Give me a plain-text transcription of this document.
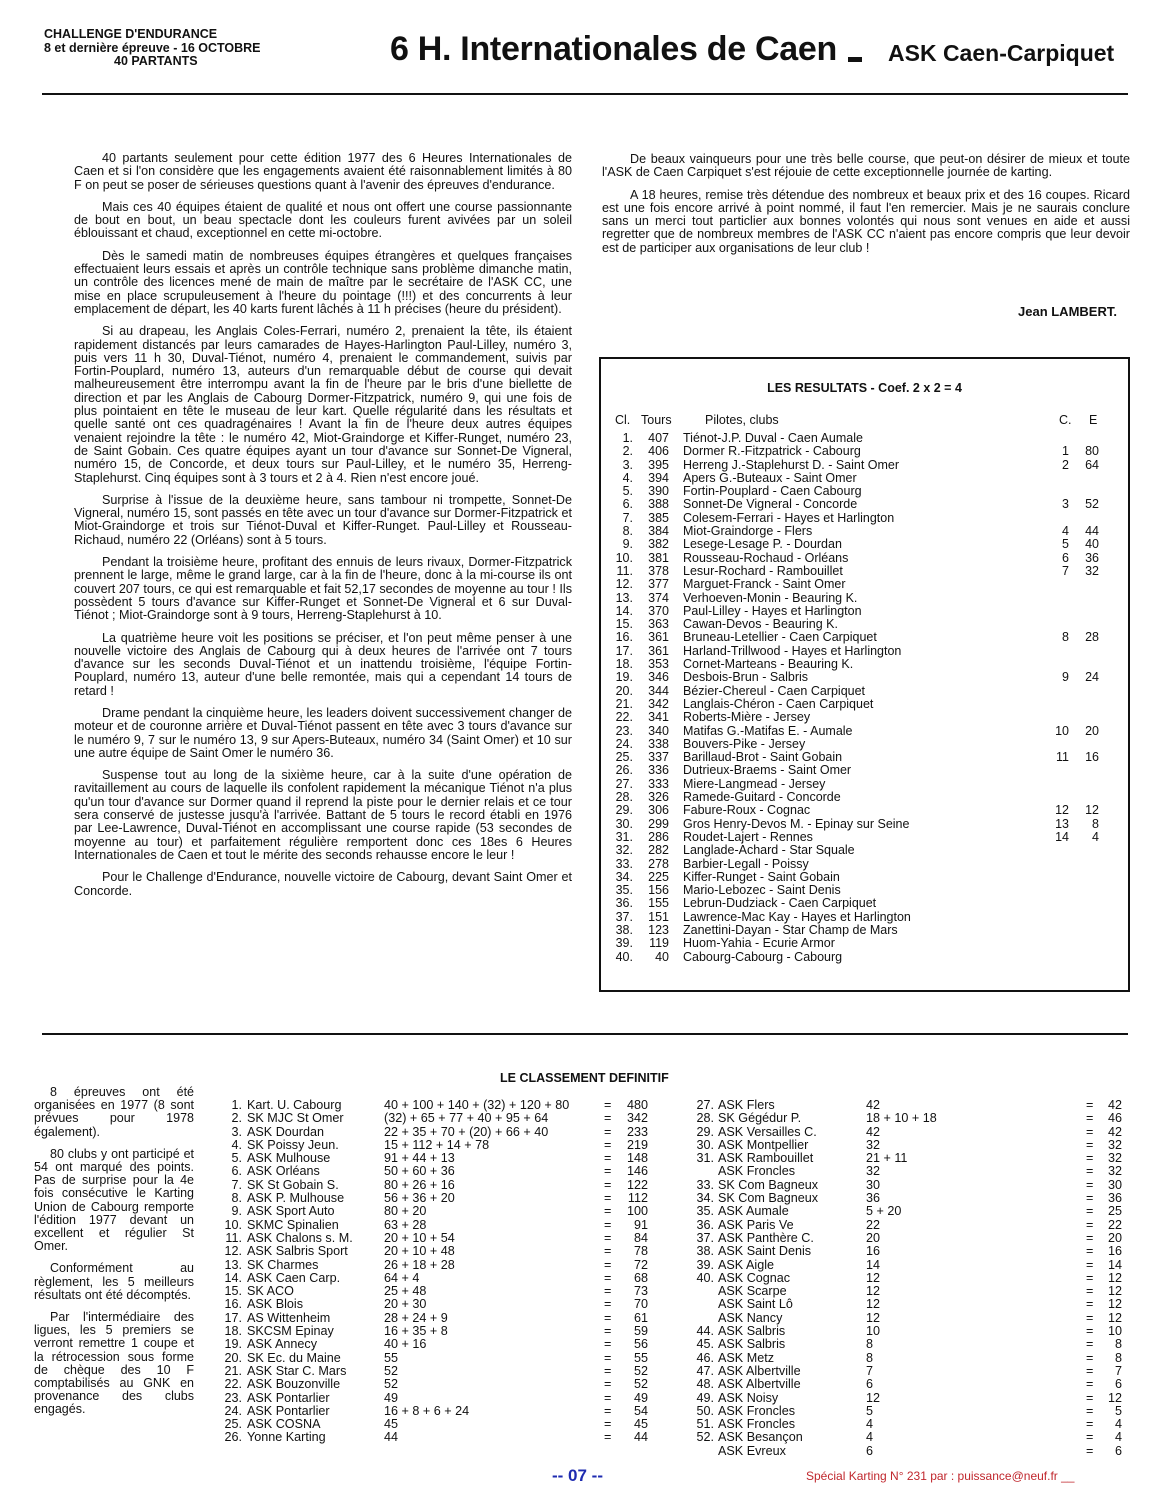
CHALLENGE D'ENDURANCE
8 et dernière épreuve - 16 OCTOBRE
40 PARTANTS	6 H. Internationales de Caen ASK Caen-Carpiquet

40 partants seulement pour cette édition 1977 des 6 Heures Internationales de Caen et si l'on considère que les engagements avaient été raisonnablement limités à 80 F on peut se poser de sérieuses questions quant à l'avenir des épreuves d'endurance.

Mais ces 40 équipes étaient de qualité et nous ont offert une course passionnante de bout en bout, un beau spectacle dont les couleurs furent avivées par un soleil éblouissant et chaud, exceptionnel en cette mi-octobre.

Dès le samedi matin de nombreuses équipes étrangères et quelques françaises effectuaient leurs essais et après un contrôle technique sans problème dimanche matin, un contrôle des licences mené de main de maître par le secrétaire de l'ASK CC, une mise en place scrupuleusement à l'heure du pointage (!!!) et des concurrents à leur emplacement de départ, les 40 karts furent lâchés à 11 h précises (heure du président).

Si au drapeau, les Anglais Coles-Ferrari, numéro 2, prenaient la tête, ils étaient rapidement distancés par leurs camarades de Hayes-Harlington Paul-Lilley, numéro 3, puis vers 11 h 30, Duval-Tiénot, numéro 4, prenaient le commandement, suivis par Fortin-Pouplard, numéro 13, auteurs d'un remarquable début de course qui devait malheureusement être interrompu avant la fin de l'heure par le bris d'une biellette de direction et par les Anglais de Cabourg Dormer-Fitzpatrick, numéro 9, qui une fois de plus pointaient en tête le museau de leur kart. Quelle régularité dans les résultats et quelle santé ont ces quadragénaires ! Avant la fin de l'heure deux autres équipes venaient rejoindre la tête : le numéro 42, Miot-Graindorge et Kiffer-Runget, numéro 23, de Saint Gobain. Ces quatre équipes ayant un tour d'avance sur Sonnet-De Vigneral, numéro 15, de Concorde, et deux tours sur Paul-Lilley, et le numéro 35, Herreng-Staplehurst. Cinq équipes sont à 3 tours et 2 à 4. Rien n'est encore joué.

Surprise à l'issue de la deuxième heure, sans tambour ni trompette, Sonnet-De Vigneral, numéro 15, sont passés en tête avec un tour d'avance sur Dormer-Fitzpatrick et Miot-Graindorge et trois sur Tiénot-Duval et Kiffer-Runget. Paul-Lilley et Rousseau-Richaud, numéro 22 (Orléans) sont à 5 tours.

Pendant la troisième heure, profitant des ennuis de leurs rivaux, Dormer-Fitzpatrick prennent le large, même le grand large, car à la fin de l'heure, donc à la mi-course ils ont couvert 207 tours, ce qui est remarquable et fait 52,17 secondes de moyenne au tour ! Ils possèdent 5 tours d'avance sur Kiffer-Runget et Sonnet-De Vigneral et 6 sur Duval-Tiénot ; Miot-Graindorge sont à 9 tours, Herreng-Staplehurst à 10.

La quatrième heure voit les positions se préciser, et l'on peut même penser à une nouvelle victoire des Anglais de Cabourg qui à deux heures de l'arrivée ont 7 tours d'avance sur les seconds Duval-Tiénot et un inattendu troisième, l'équipe Fortin-Pouplard, numéro 13, auteur d'une belle remontée, mais qui a cependant 14 tours de retard !

Drame pendant la cinquième heure, les leaders doivent successivement changer de moteur et de couronne arrière et Duval-Tiénot passent en tête avec 3 tours d'avance sur le numéro 9, 7 sur le numéro 13, 9 sur Apers-Buteaux, numéro 34 (Saint Omer) et 10 sur une autre équipe de Saint Omer le numéro 36.

Suspense tout au long de la sixième heure, car à la suite d'une opération de ravitaillement au cours de laquelle ils confolent rapidement la mécanique Tiénot n'a plus qu'un tour d'avance sur Dormer quand il reprend la piste pour le dernier relais et ce tour sera conservé de justesse jusqu'à l'arrivée. Battant de 5 tours le record établi en 1976 par Lee-Lawrence, Duval-Tiénot en accomplissant une course rapide (53 secondes de moyenne au tour) et parfaitement régulière remportent donc ces 18es 6 Heures Internationales de Caen et tout le mérite des seconds rehausse encore le leur !

Pour le Challenge d'Endurance, nouvelle victoire de Cabourg, devant Saint Omer et Concorde.

De beaux vainqueurs pour une très belle course, que peut-on désirer de mieux et toute l'ASK de Caen Carpiquet s'est réjouie de cette exceptionnelle journée de karting.

A 18 heures, remise très détendue des nombreux et beaux prix et des 16 coupes. Ricard est une fois encore arrivé à point nommé, il faut l'en remercier. Mais je ne saurais conclure sans un merci tout particlier aux bonnes volontés qui nous sont venues en aide et aussi regretter que de nombreux membres de l'ASK CC n'aient pas encore compris que leur devoir est de participer aux organisations de leur club !

Jean LAMBERT.
LES RESULTATS - Coef. 2 x 2 = 4
Cl. Tours	Pilotes, clubs	C. E
1. 407 Tiénot-J.P. Duval - Caen Aumale
2. 406 Dormer R.-Fitzpatrick - Cabourg	1	80
3. 395 Herreng J.-Staplehurst D. - Saint Omer	2	64
4. 394 Apers G.-Buteaux - Saint Omer
5. 390 Fortin-Pouplard - Caen Cabourg
6. 388 Sonnet-De Vigneral - Concorde	3	52
7. 385 Colesem-Ferrari - Hayes et Harlington
8. 384 Miot-Graindorge - Flers	4	44
9. 382 Lesege-Lesage P. - Dourdan	5	40
10. 381 Rousseau-Rochaud - Orléans	6	36
11. 378 Lesur-Rochard - Rambouillet	7	32
12. 377 Marguet-Franck - Saint Omer
13. 374 Verhoeven-Monin - Beauring K.
14. 370 Paul-Lilley - Hayes et Harlington
15. 363 Cawan-Devos - Beauring K.
16. 361 Bruneau-Letellier - Caen Carpiquet	8	28
17. 361 Harland-Trillwood - Hayes et Harlington
18. 353 Cornet-Marteans - Beauring K.
19. 346 Desbois-Brun - Salbris	9	24
20. 344 Bézier-Chereul - Caen Carpiquet
21. 342 Langlais-Chéron - Caen Carpiquet
22. 341 Roberts-Mière - Jersey
23. 340 Matifas G.-Matifas E. - Aumale	10	20
24. 338 Bouvers-Pike - Jersey
25. 337 Barillaud-Brot - Saint Gobain	11	16
26. 336 Dutrieux-Braems - Saint Omer
27. 333 Miere-Langmead - Jersey
28. 326 Ramede-Guitard - Concorde
29. 306 Fabure-Roux - Cognac	12	12
30. 299 Gros Henry-Devos M. - Epinay sur Seine	13	8
31. 286 Roudet-Lajert - Rennes	14	4
32. 282 Langlade-Achard - Star Squale
33. 278 Barbier-Legall - Poissy
34. 225 Kiffer-Runget - Saint Gobain
35. 156 Mario-Lebozec - Saint Denis
36. 155 Lebrun-Dudziack - Caen Carpiquet
37. 151 Lawrence-Mac Kay - Hayes et Harlington
38. 123 Zanettini-Dayan - Star Champ de Mars
39. 119 Huom-Yahia - Ecurie Armor
40.	40 Cabourg-Cabourg - Cabourg
LE CLASSEMENT DEFINITIF

8 épreuves ont été organisées en 1977 (8 sont prévues pour 1978 également).

80 clubs y ont participé et 54 ont marqué des points. Pas de surprise pour la 4e fois consécutive le Karting Union de Cabourg remporte l'édition 1977 devant un excellent et régulier St Omer.

Conformément au règlement, les 5 meilleurs résultats ont été décomptés.

Par l'intermédiaire des ligues, les 5 premiers se verront remettre 1 coupe et la rétrocession sous forme de chèque des 10 F comptabilisés au GNK en provenance des clubs engagés.

1. Kart. U. Cabourg	40 + 100 + 140 + (32) + 120 + 80	=	480
2. SK MJC St Omer	(32) + 65 + 77 + 40 + 95 + 64	=	342
3. ASK Dourdan	22 + 35 + 70 + (20) + 66 + 40	=	233
4. SK Poissy Jeun.	15 + 112 + 14 + 78	=	219
5. ASK Mulhouse	91 + 44 + 13	=	148
6. ASK Orléans	50 + 60 + 36	=	146
7. SK St Gobain S.	80 + 26 + 16	=	122
8. ASK P. Mulhouse	56 + 36 + 20	=	112
9. ASK Sport Auto	80 + 20	=	100
10. SKMC Spinalien	63 + 28	=	91
11. ASK Chalons s. M. 20 + 10 + 54	=	84
12. ASK Salbris Sport	20 + 10 + 48	=	78
13. SK Charmes	26 + 18 + 28	=	72
14. ASK Caen Carp.	64 + 4	=	68
15. SK ACO	25 + 48	=	73
16. ASK Blois	20 + 30	=	70
17. AS Wittenheim	28 + 24 + 9	=	61
18. SKCSM Epinay	16 + 35 + 8	=	59
19. ASK Annecy	40 + 16	=	56
20. SK Ec. du Maine	55	=	55
21. ASK Star C. Mars	52	=	52
22. ASK Bouzonville	52	=	52
23. ASK Pontarlier	49	=	49
24. ASK Pontarlier	16 + 8 + 6 + 24	=	54
25. ASK COSNA	45	=	45
26. Yonne Karting	44	=	44
27. ASK Flers	42	=	42
28. SK Gégédur P.	18 + 10 + 18	=	46
29. ASK Versailles C.	42	=	42
30. ASK Montpellier	32	=	32
31. ASK Rambouillet	21 + 11	=	32
ASK Froncles	32	=	32
33. SK Com Bagneux	30	=	30
34. SK Com Bagneux	36	=	36
35. ASK Aumale	5 + 20	=	25
36. ASK Paris Ve	22	=	22
37. ASK Panthère C.	20	=	20
38. ASK Saint Denis	16	=	16
39. ASK Aigle	14	=	14
40. ASK Cognac	12	=	12
ASK Scarpe	12	=	12
ASK Saint Lô	12	=	12
ASK Nancy	12	=	12
44. ASK Salbris	10	=	10
45. ASK Salbris	8	=	8
46. ASK Metz	8	=	8
47. ASK Albertville	7	=	7
48. ASK Albertville	6	=	6
49. ASK Noisy	12	=	12
50. ASK Froncles	5	=	5
51. ASK Froncles	4	=	4
52. ASK Besançon	4	=	4
ASK Evreux	6	=	6
-- 07 --	Spécial Karting N° 231 par : puissance@neuf.fr __
